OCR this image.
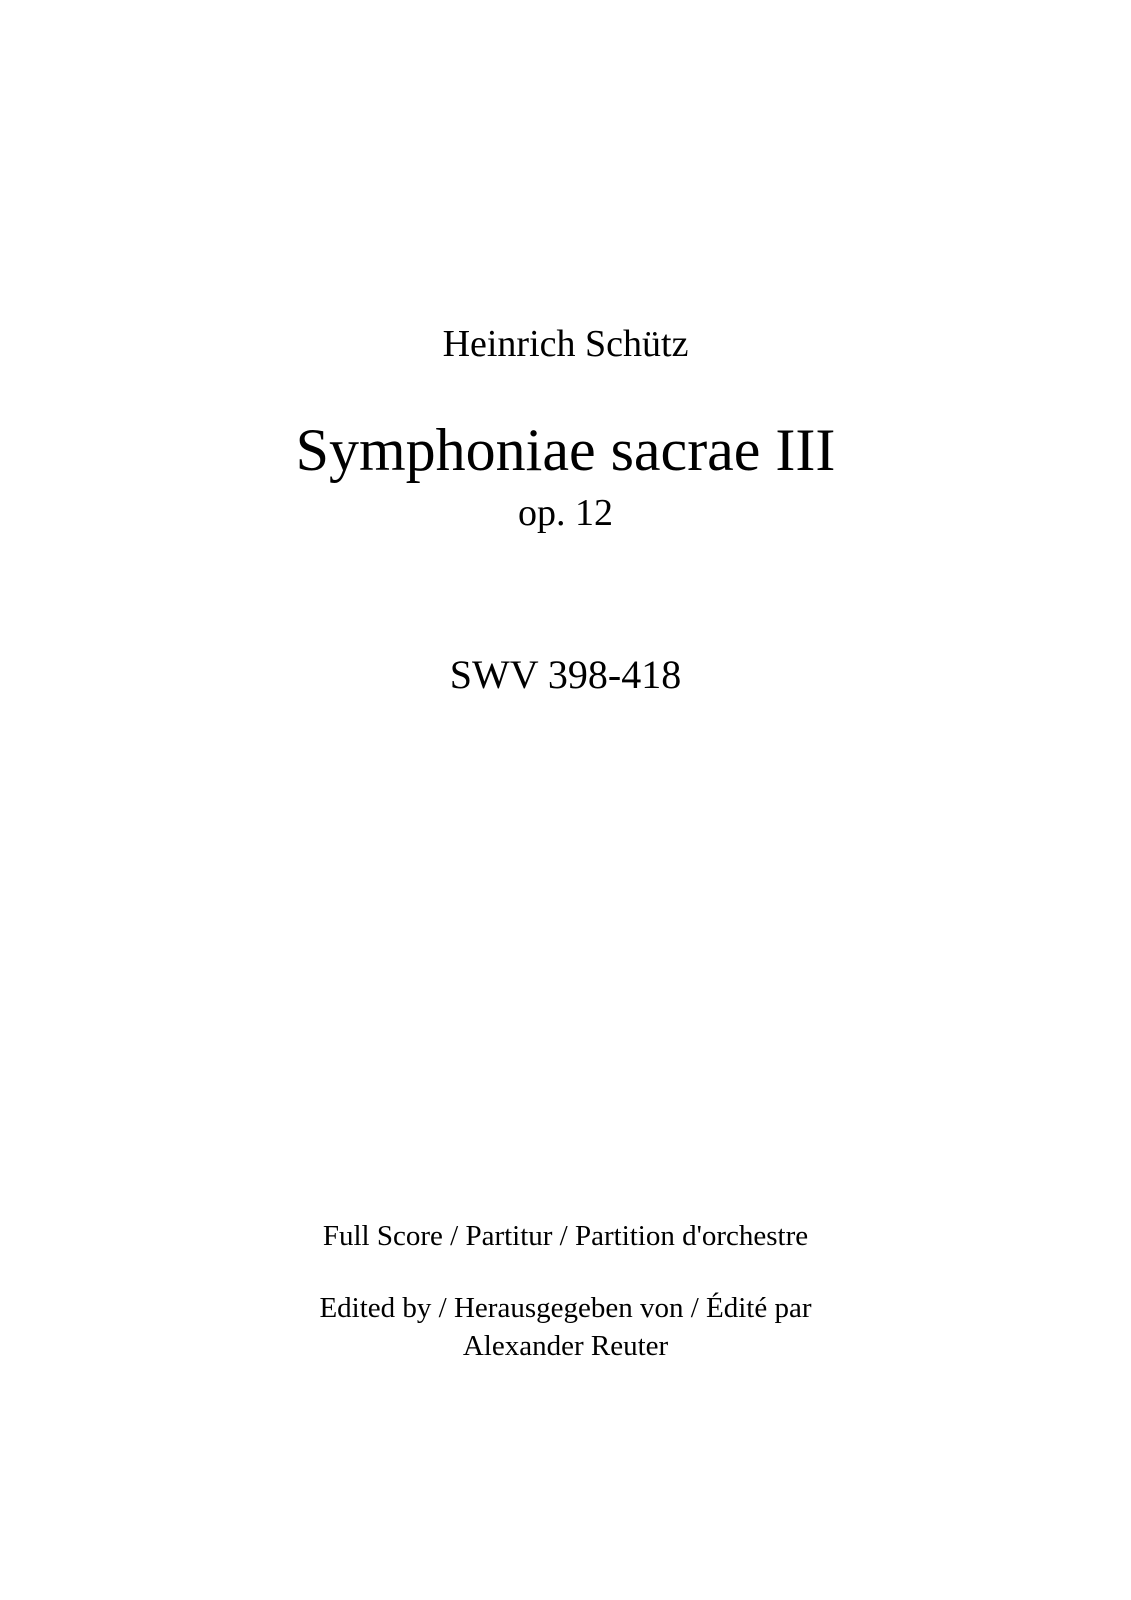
Heinrich Schütz
Symphoniae sacrae III
op. 12
SWV 398-418
Full Score / Partitur / Partition d'orchestre
Edited by / Herausgegeben von / Édité par
Alexander Reuter
